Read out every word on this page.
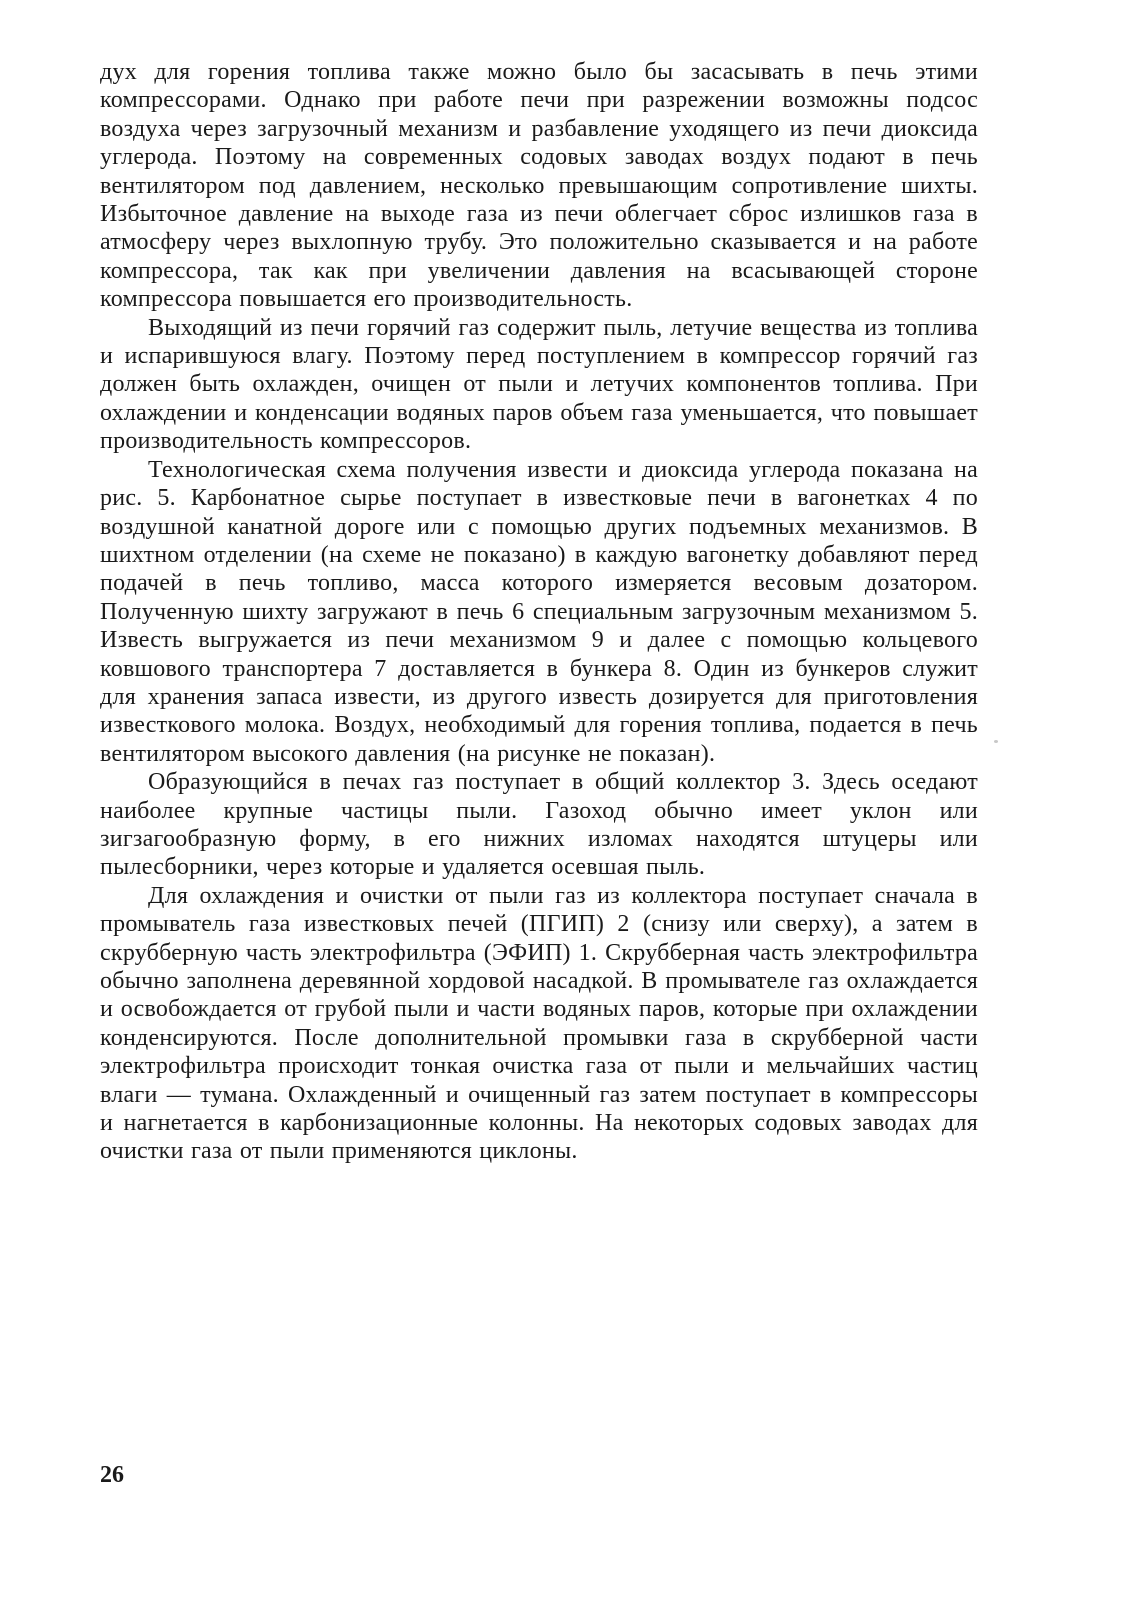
дух для горения топлива также можно было бы засасывать в печь этими компрессорами. Однако при работе печи при разрежении возможны подсос воздуха через загрузочный механизм и разбавление уходящего из печи диоксида углерода. Поэтому на современных содовых заводах воздух подают в печь вентилятором под давлением, несколько превышающим сопротивление шихты. Избыточное давление на выходе газа из печи облегчает сброс излишков газа в атмосферу через выхлопную трубу. Это положительно сказывается и на работе компрессора, так как при увеличении давления на всасывающей стороне компрессора повышается его производительность.

Выходящий из печи горячий газ содержит пыль, летучие вещества из топлива и испарившуюся влагу. Поэтому перед поступлением в компрессор горячий газ должен быть охлажден, очищен от пыли и летучих компонентов топлива. При охлаждении и конденсации водяных паров объем газа уменьшается, что повышает производительность компрессоров.

Технологическая схема получения извести и диоксида углерода показана на рис. 5. Карбонатное сырье поступает в известковые печи в вагонетках 4 по воздушной канатной дороге или с помощью других подъемных механизмов. В шихтном отделении (на схеме не показано) в каждую вагонетку добавляют перед подачей в печь топливо, масса которого измеряется весовым дозатором. Полученную шихту загружают в печь 6 специальным загрузочным механизмом 5. Известь выгружается из печи механизмом 9 и далее с помощью кольцевого ковшового транспортера 7 доставляется в бункера 8. Один из бункеров служит для хранения запаса извести, из другого известь дозируется для приготовления известкового молока. Воздух, необходимый для горения топлива, подается в печь вентилятором высокого давления (на рисунке не показан).

Образующийся в печах газ поступает в общий коллектор 3. Здесь оседают наиболее крупные частицы пыли. Газоход обычно имеет уклон или зигзагообразную форму, в его нижних изломах находятся штуцеры или пылесборники, через которые и удаляется осевшая пыль.

Для охлаждения и очистки от пыли газ из коллектора поступает сначала в промыватель газа известковых печей (ПГИП) 2 (снизу или сверху), а затем в скрубберную часть электрофильтра (ЭФИП) 1. Скрубберная часть электрофильтра обычно заполнена деревянной хордовой насадкой. В промывателе газ охлаждается и освобождается от грубой пыли и части водяных паров, которые при охлаждении конденсируются. После дополнительной промывки газа в скрубберной части электрофильтра происходит тонкая очистка газа от пыли и мельчайших частиц влаги — тумана. Охлажденный и очищенный газ затем поступает в компрессоры и нагнетается в карбонизационные колонны. На некоторых содовых заводах для очистки газа от пыли применяются циклоны.

26
